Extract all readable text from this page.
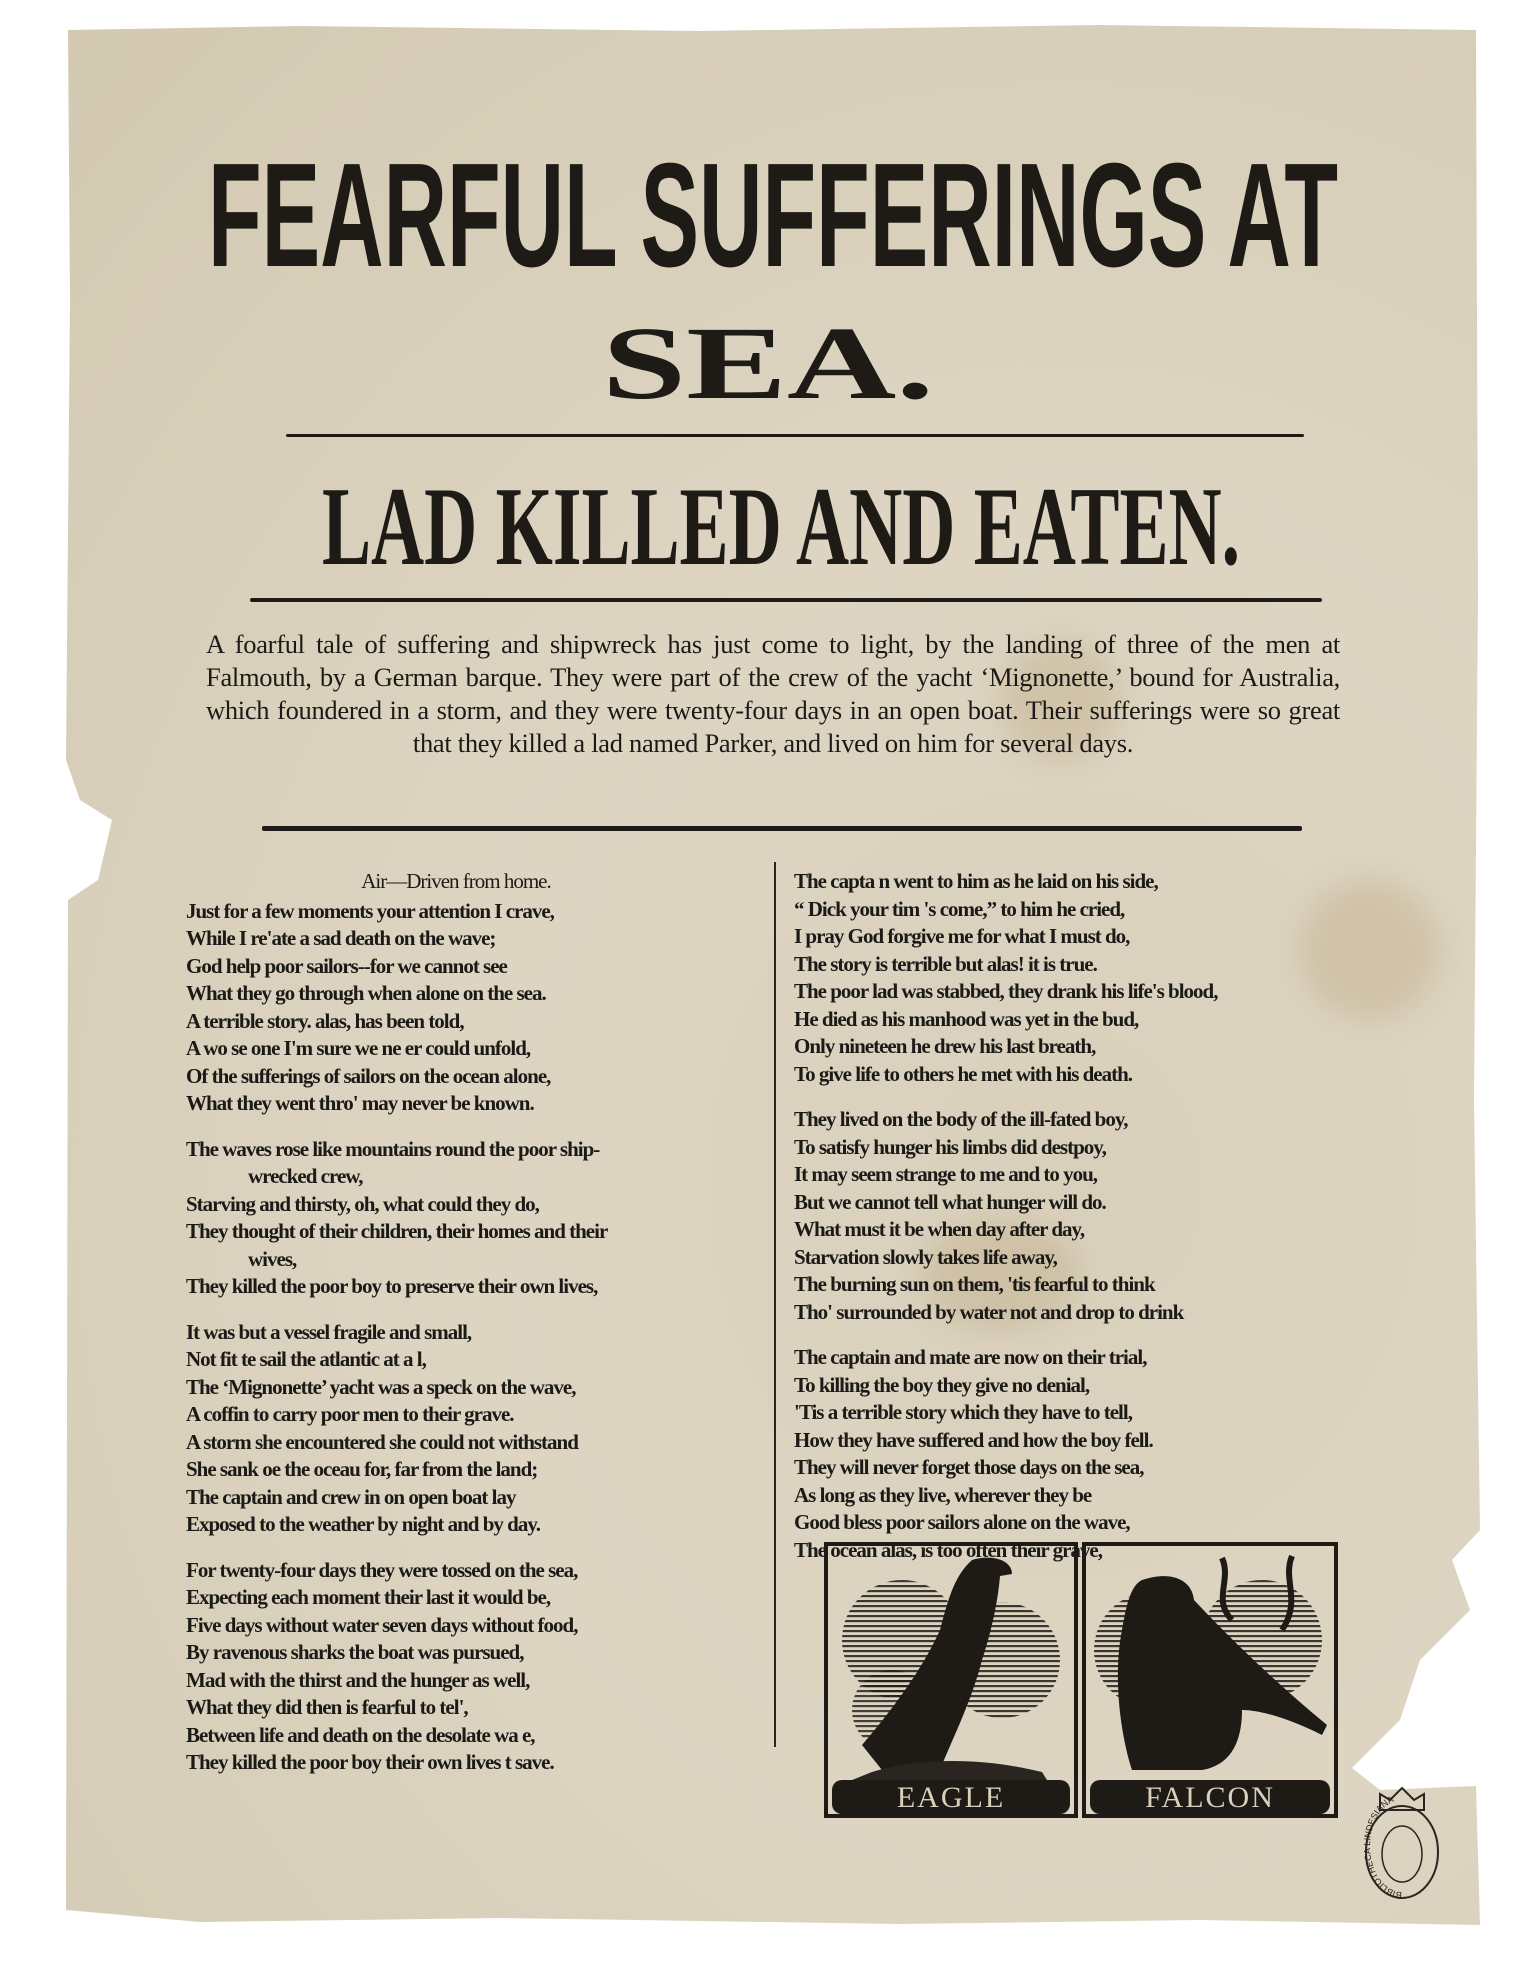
FEARFUL SUFFERINGS AT
SEA.
LAD KILLED AND EATEN.
A foarful tale of suffering and shipwreck has just come to light, by the landing of three of the men at Falmouth, by a German barque. They were part of the crew of the yacht ‘Mignonette,’ bound for Australia, which foundered in a storm, and they were twenty-four days in an open boat. Their sufferings were so great that they killed a lad named Parker, and lived on him for several days.
Air—Driven from home.
Just for a few moments your attention I crave,
While I re'ate a sad death on the wave;
God help poor sailors--for we cannot see
What they go through when alone on the sea.
A terrible story. alas, has been told,
A wo se one I'm sure we ne er could unfold,
Of the sufferings of sailors on the ocean alone,
What they went thro' may never be known.
The waves rose like mountains round the poor ship-
wrecked crew,
Starving and thirsty, oh, what could they do,
They thought of their children, their homes and their
wives,
They killed the poor boy to preserve their own lives,
It was but a vessel fragile and small,
Not fit te sail the atlantic at a l,
The ‘Mignonette’ yacht was a speck on the wave,
A coffin to carry poor men to their grave.
A storm she encountered she could not withstand
She sank oe the oceau for, far from the land;
The captain and crew in on open boat lay
Exposed to the weather by night and by day.
For twenty-four days they were tossed on the sea,
Expecting each moment their last it would be,
Five days without water seven days without food,
By ravenous sharks the boat was pursued,
Mad with the thirst and the hunger as well,
What they did then is fearful to tel',
Between life and death on the desolate wa e,
They killed the poor boy their own lives t save.
The capta n went to him as he laid on his side,
“ Dick your tim 's come,” to him he cried,
I pray God forgive me for what I must do,
The story is terrible but alas! it is true.
The poor lad was stabbed, they drank his life's blood,
He died as his manhood was yet in the bud,
Only nineteen he drew his last breath,
To give life to others he met with his death.
They lived on the body of the ill-fated boy,
To satisfy hunger his limbs did destpoy,
It may seem strange to me and to you,
But we cannot tell what hunger will do.
What must it be when day after day,
Starvation slowly takes life away,
The burning sun on them, 'tis fearful to think
Tho' surrounded by water not and drop to drink
The captain and mate are now on their trial,
To killing the boy they give no denial,
'Tis a terrible story which they have to tell,
How they have suffered and how the boy fell.
They will never forget those days on the sea,
As long as they live, wherever they be
Good bless poor sailors alone on the wave,
The ocean alas, is too often their grave,
EAGLE	FALCON
BIBLIOTHECA LINDESIANA
